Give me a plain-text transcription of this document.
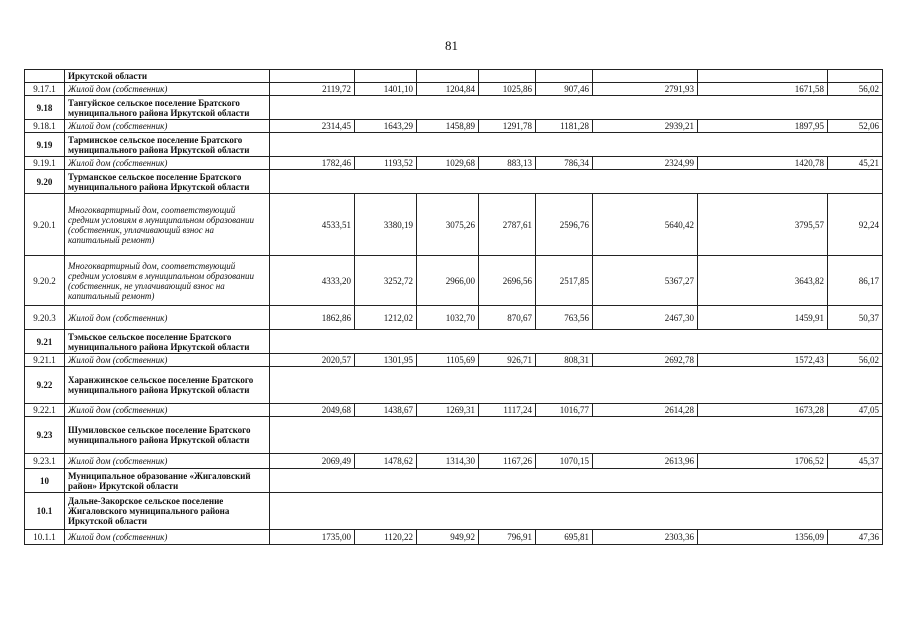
81
	Иркутской области								
9.17.1	Жилой дом (собственник)	2119,72	1401,10	1204,84	1025,86	907,46	2791,93	1671,58	56,02
9.18	Тангуйское сельское поселение Братского муниципального района Иркутской области								
9.18.1	Жилой дом (собственник)	2314,45	1643,29	1458,89	1291,78	1181,28	2939,21	1897,95	52,06
9.19	Тарминское сельское поселение Братского муниципального района Иркутской области								
9.19.1	Жилой дом (собственник)	1782,46	1193,52	1029,68	883,13	786,34	2324,99	1420,78	45,21
9.20	Турманское сельское поселение Братского муниципального района Иркутской области								
9.20.1	Многоквартирный дом, соответствующий средним условиям в муниципальном образовании (собственник, уплачивающий взнос на капитальный ремонт)	4533,51	3380,19	3075,26	2787,61	2596,76	5640,42	3795,57	92,24
9.20.2	Многоквартирный дом, соответствующий средним условиям в муниципальном образовании (собственник, не уплачивающий взнос на капитальный ремонт)	4333,20	3252,72	2966,00	2696,56	2517,85	5367,27	3643,82	86,17
9.20.3	Жилой дом (собственник)	1862,86	1212,02	1032,70	870,67	763,56	2467,30	1459,91	50,37
9.21	Тэмьское сельское поселение Братского муниципального района Иркутской области								
9.21.1	Жилой дом (собственник)	2020,57	1301,95	1105,69	926,71	808,31	2692,78	1572,43	56,02
9.22	Харанжинское сельское поселение Братского муниципального района Иркутской области								
9.22.1	Жилой дом (собственник)	2049,68	1438,67	1269,31	1117,24	1016,77	2614,28	1673,28	47,05
9.23	Шумиловское сельское поселение Братского муниципального района Иркутской области								
9.23.1	Жилой дом (собственник)	2069,49	1478,62	1314,30	1167,26	1070,15	2613,96	1706,52	45,37
10	Муниципальное образование «Жигаловский район» Иркутской области								
10.1	Дальне-Закорское сельское поселение Жигаловского муниципального района Иркутской области								
10.1.1	Жилой дом (собственник)	1735,00	1120,22	949,92	796,91	695,81	2303,36	1356,09	47,36
